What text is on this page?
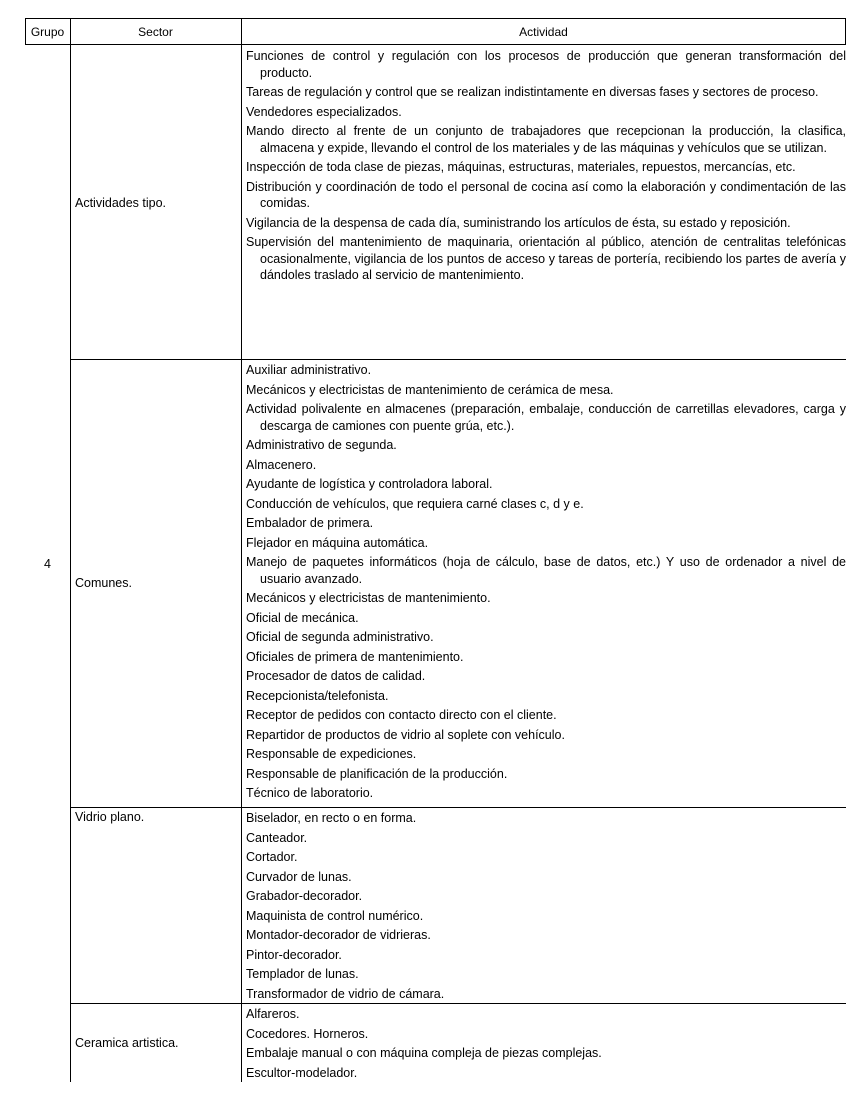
Grupo	Sector	Actividad
4
Actividades tipo.
Comunes.
Vidrio plano.
Ceramica artistica.
Funciones de control y regulación con los procesos de producción que generan transformación del producto.
Tareas de regulación y control que se realizan indistintamente en diversas fases y sectores de proceso.
Vendedores especializados.
Mando directo al frente de un conjunto de trabajadores que recepcionan la producción, la clasifica, almacena y expide, llevando el control de los materiales y de las máquinas y vehículos que se utilizan.
Inspección de toda clase de piezas, máquinas, estructuras, materiales, repuestos, mercancías, etc.
Distribución y coordinación de todo el personal de cocina así como la elaboración y condimentación de las comidas.
Vigilancia de la despensa de cada día, suministrando los artículos de ésta, su estado y reposición.
Supervisión del mantenimiento de maquinaria, orientación al público, atención de centralitas telefónicas ocasionalmente, vigilancia de los puntos de acceso y tareas de portería, recibiendo los partes de avería y dándoles traslado al servicio de mantenimiento.
Auxiliar administrativo.
Mecánicos y electricistas de mantenimiento de cerámica de mesa.
Actividad polivalente en almacenes (preparación, embalaje, conducción de carretillas elevadores, carga y descarga de camiones con puente grúa, etc.).
Administrativo de segunda.
Almacenero.
Ayudante de logística y controladora laboral.
Conducción de vehículos, que requiera carné clases c, d y e.
Embalador de primera.
Flejador en máquina automática.
Manejo de paquetes informáticos (hoja de cálculo, base de datos, etc.) Y uso de ordenador a nivel de usuario avanzado.
Mecánicos y electricistas de mantenimiento.
Oficial de mecánica.
Oficial de segunda administrativo.
Oficiales de primera de mantenimiento.
Procesador de datos de calidad.
Recepcionista/telefonista.
Receptor de pedidos con contacto directo con el cliente.
Repartidor de productos de vidrio al soplete con vehículo.
Responsable de expediciones.
Responsable de planificación de la producción.
Técnico de laboratorio.
Biselador, en recto o en forma.
Canteador.
Cortador.
Curvador de lunas.
Grabador-decorador.
Maquinista de control numérico.
Montador-decorador de vidrieras.
Pintor-decorador.
Templador de lunas.
Transformador de vidrio de cámara.
Alfareros.
Cocedores. Horneros.
Embalaje manual o con máquina compleja de piezas complejas.
Escultor-modelador.
